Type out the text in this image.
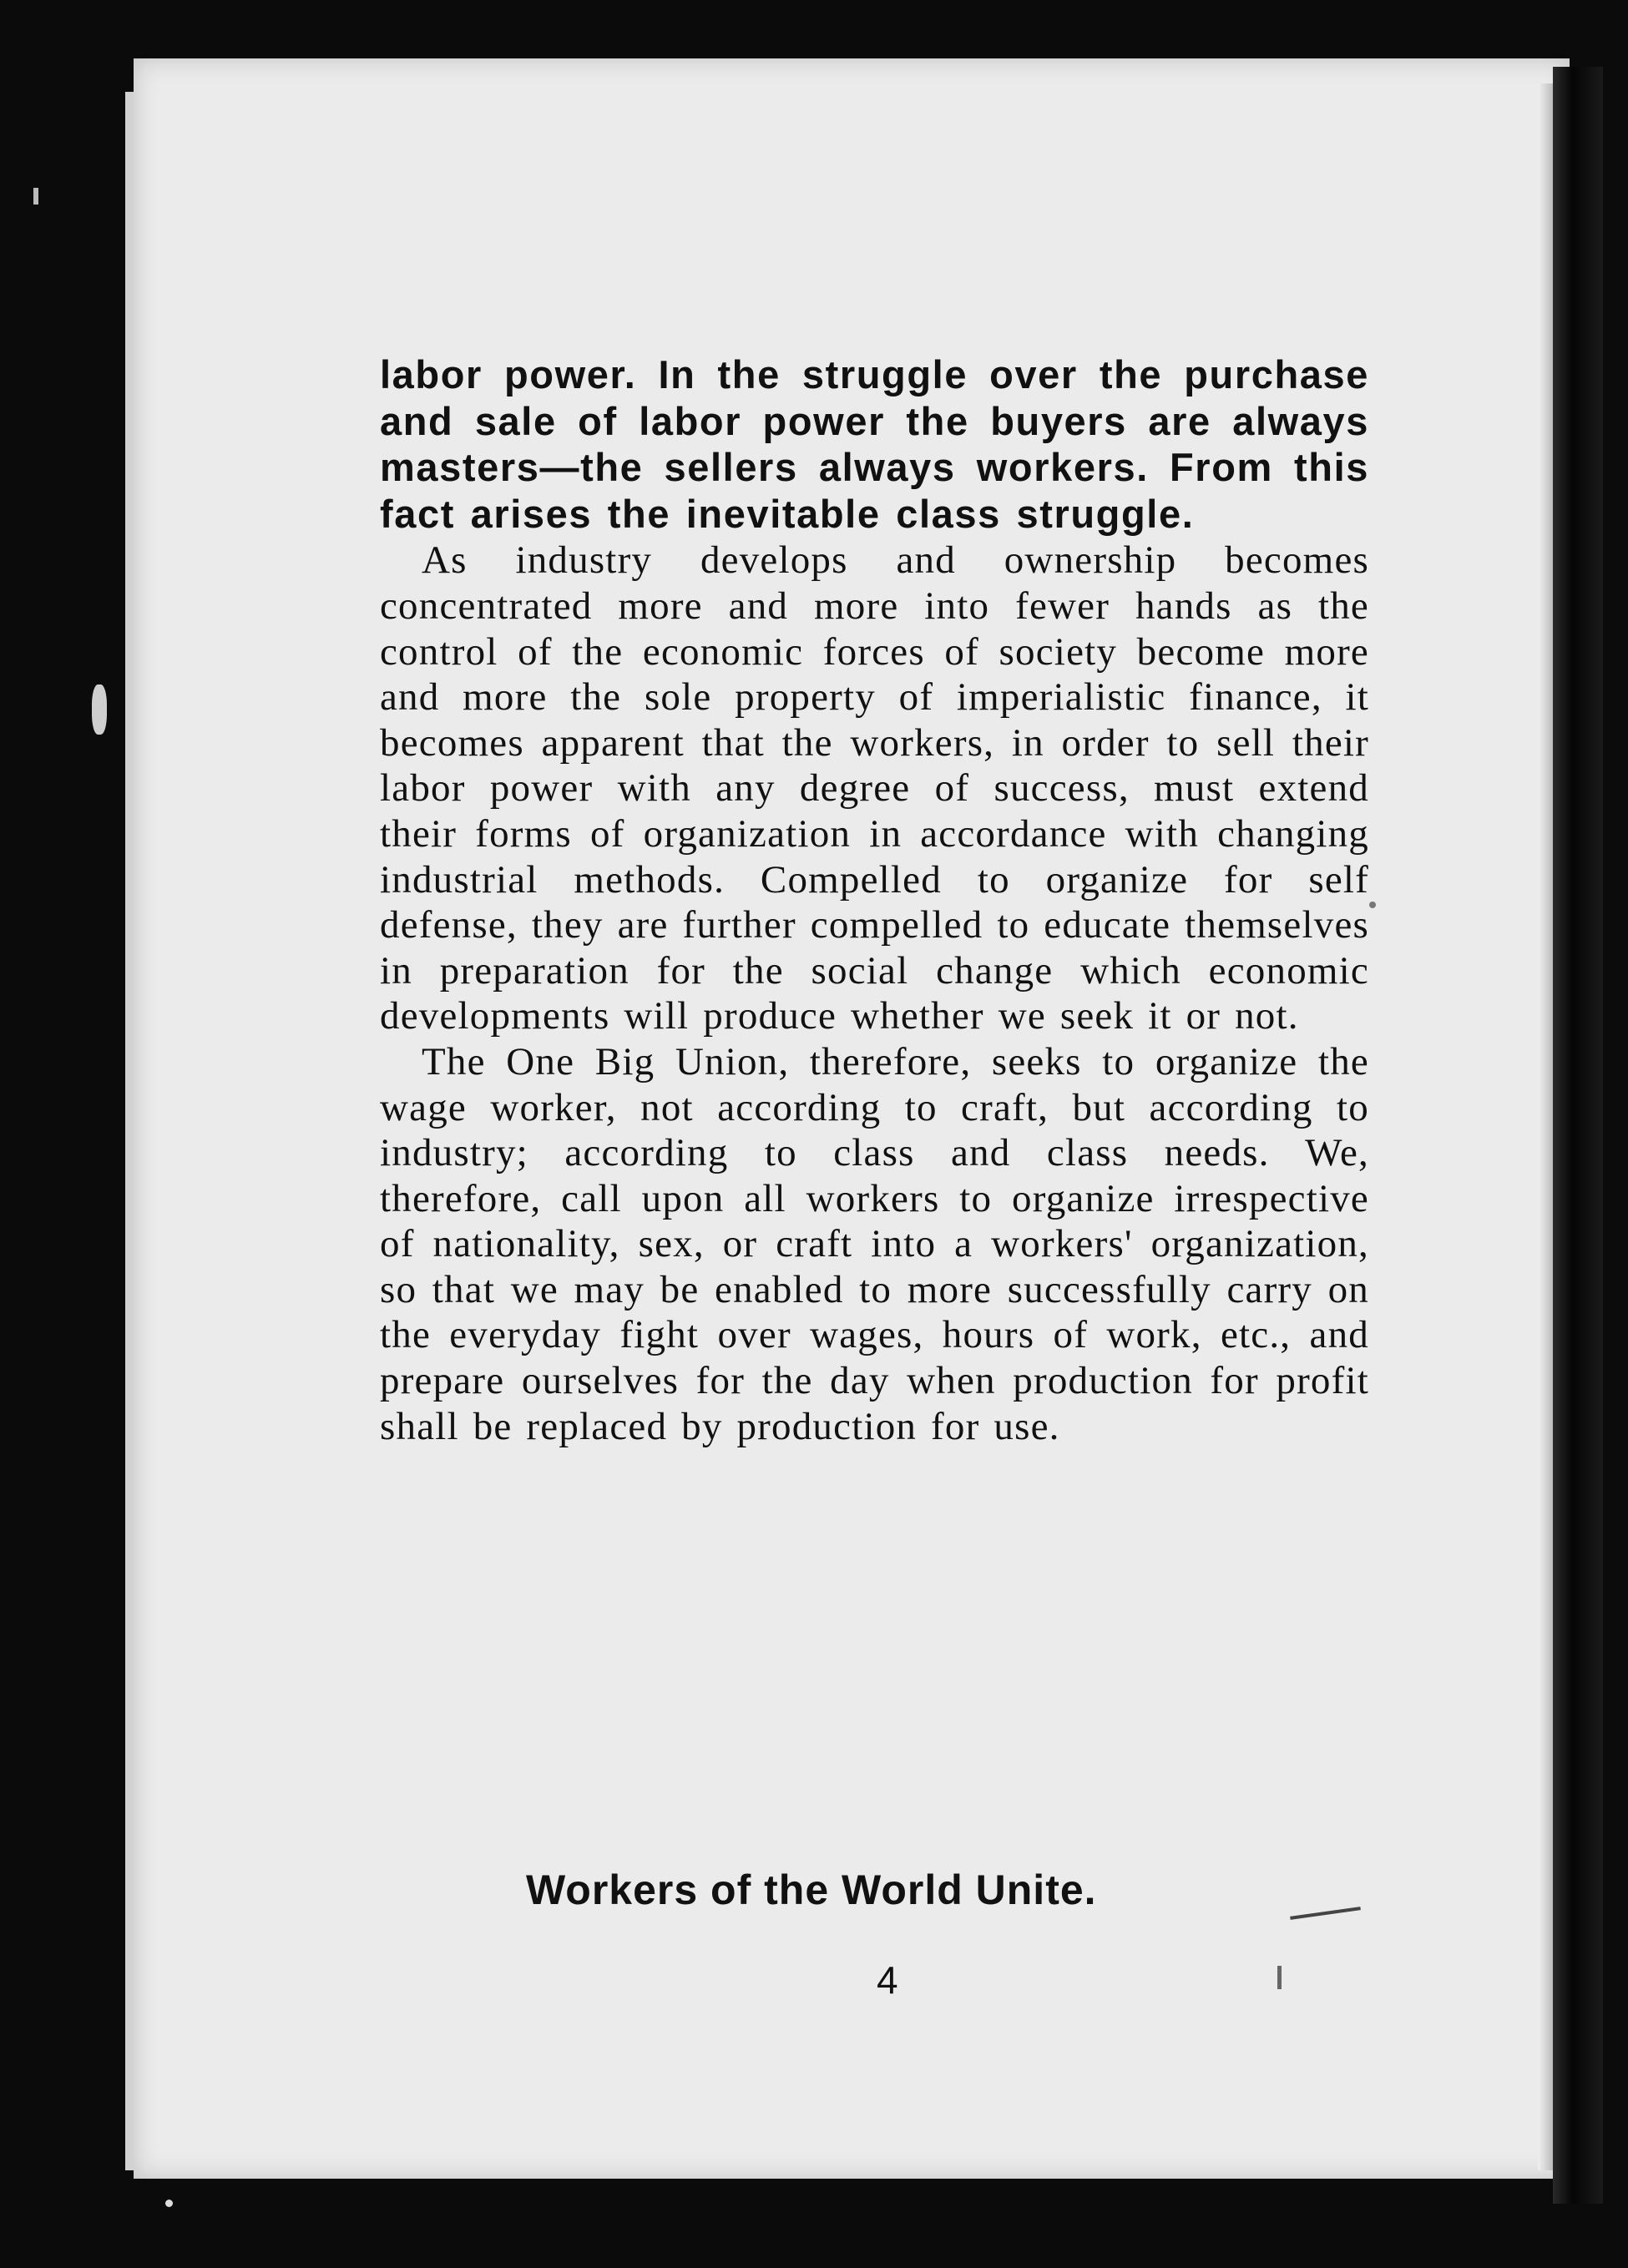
labor power. In the struggle over the purchase and sale of labor power the buyers are always masters—the sellers always workers. From this fact arises the inevitable class struggle.

As industry develops and ownership becomes concentrated more and more into fewer hands as the control of the economic forces of society become more and more the sole property of imperialistic finance, it becomes apparent that the workers, in order to sell their labor power with any degree of success, must extend their forms of organization in accordance with changing industrial methods. Compelled to organize for self defense, they are further compelled to educate themselves in preparation for the social change which economic developments will produce whether we seek it or not.

The One Big Union, therefore, seeks to organize the wage worker, not according to craft, but according to industry; according to class and class needs. We, therefore, call upon all workers to organize irrespective of nationality, sex, or craft into a workers' organization, so that we may be enabled to more successfully carry on the everyday fight over wages, hours of work, etc., and prepare ourselves for the day when production for profit shall be replaced by production for use.

Workers of the World Unite.
4
